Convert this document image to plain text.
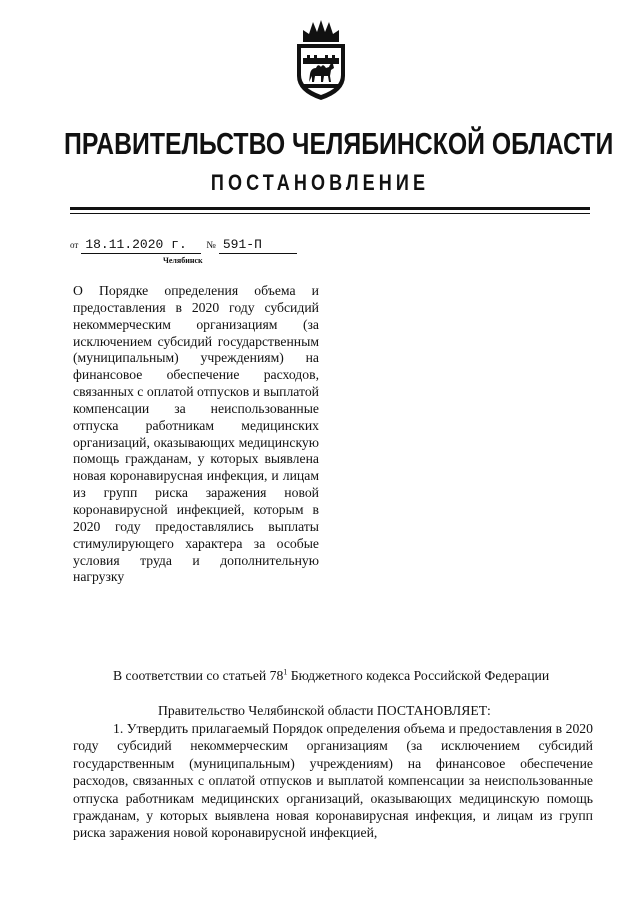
ПРАВИТЕЛЬСТВО ЧЕЛЯБИНСКОЙ ОБЛАСТИ
ПОСТАНОВЛЕНИЕ
от 18.11.2020 г. № 591-П
Челябинск

О Порядке определения объема и предоставления в 2020 году субсидий некоммерческим организациям (за исключением субсидий государственным (муниципальным) учреждениям) на финансовое обеспечение расходов, связанных с оплатой отпусков и выплатой компенсации за неиспользованные отпуска работникам медицинских организаций, оказывающих медицинскую помощь гражданам, у которых выявлена новая коронавирусная инфекция, и лицам из групп риска заражения новой коронавирусной инфекцией, которым в 2020 году предоставлялись выплаты стимулирующего характера за особые условия труда и дополнительную нагрузку

В соответствии со статьей $78^1$ Бюджетного кодекса Российской Федерации

Правительство Челябинской области ПОСТАНОВЛЯЕТ:

1. Утвердить прилагаемый Порядок определения объема и предоставления в 2020 году субсидий некоммерческим организациям (за исключением субсидий государственным (муниципальным) учреждениям) на финансовое обеспечение расходов, связанных с оплатой отпусков и выплатой компенсации за неиспользованные отпуска работникам медицинских организаций, оказывающих медицинскую помощь гражданам, у которых выявлена новая коронавирусная инфекция, и лицам из групп риска заражения новой коронавирусной инфекцией,
